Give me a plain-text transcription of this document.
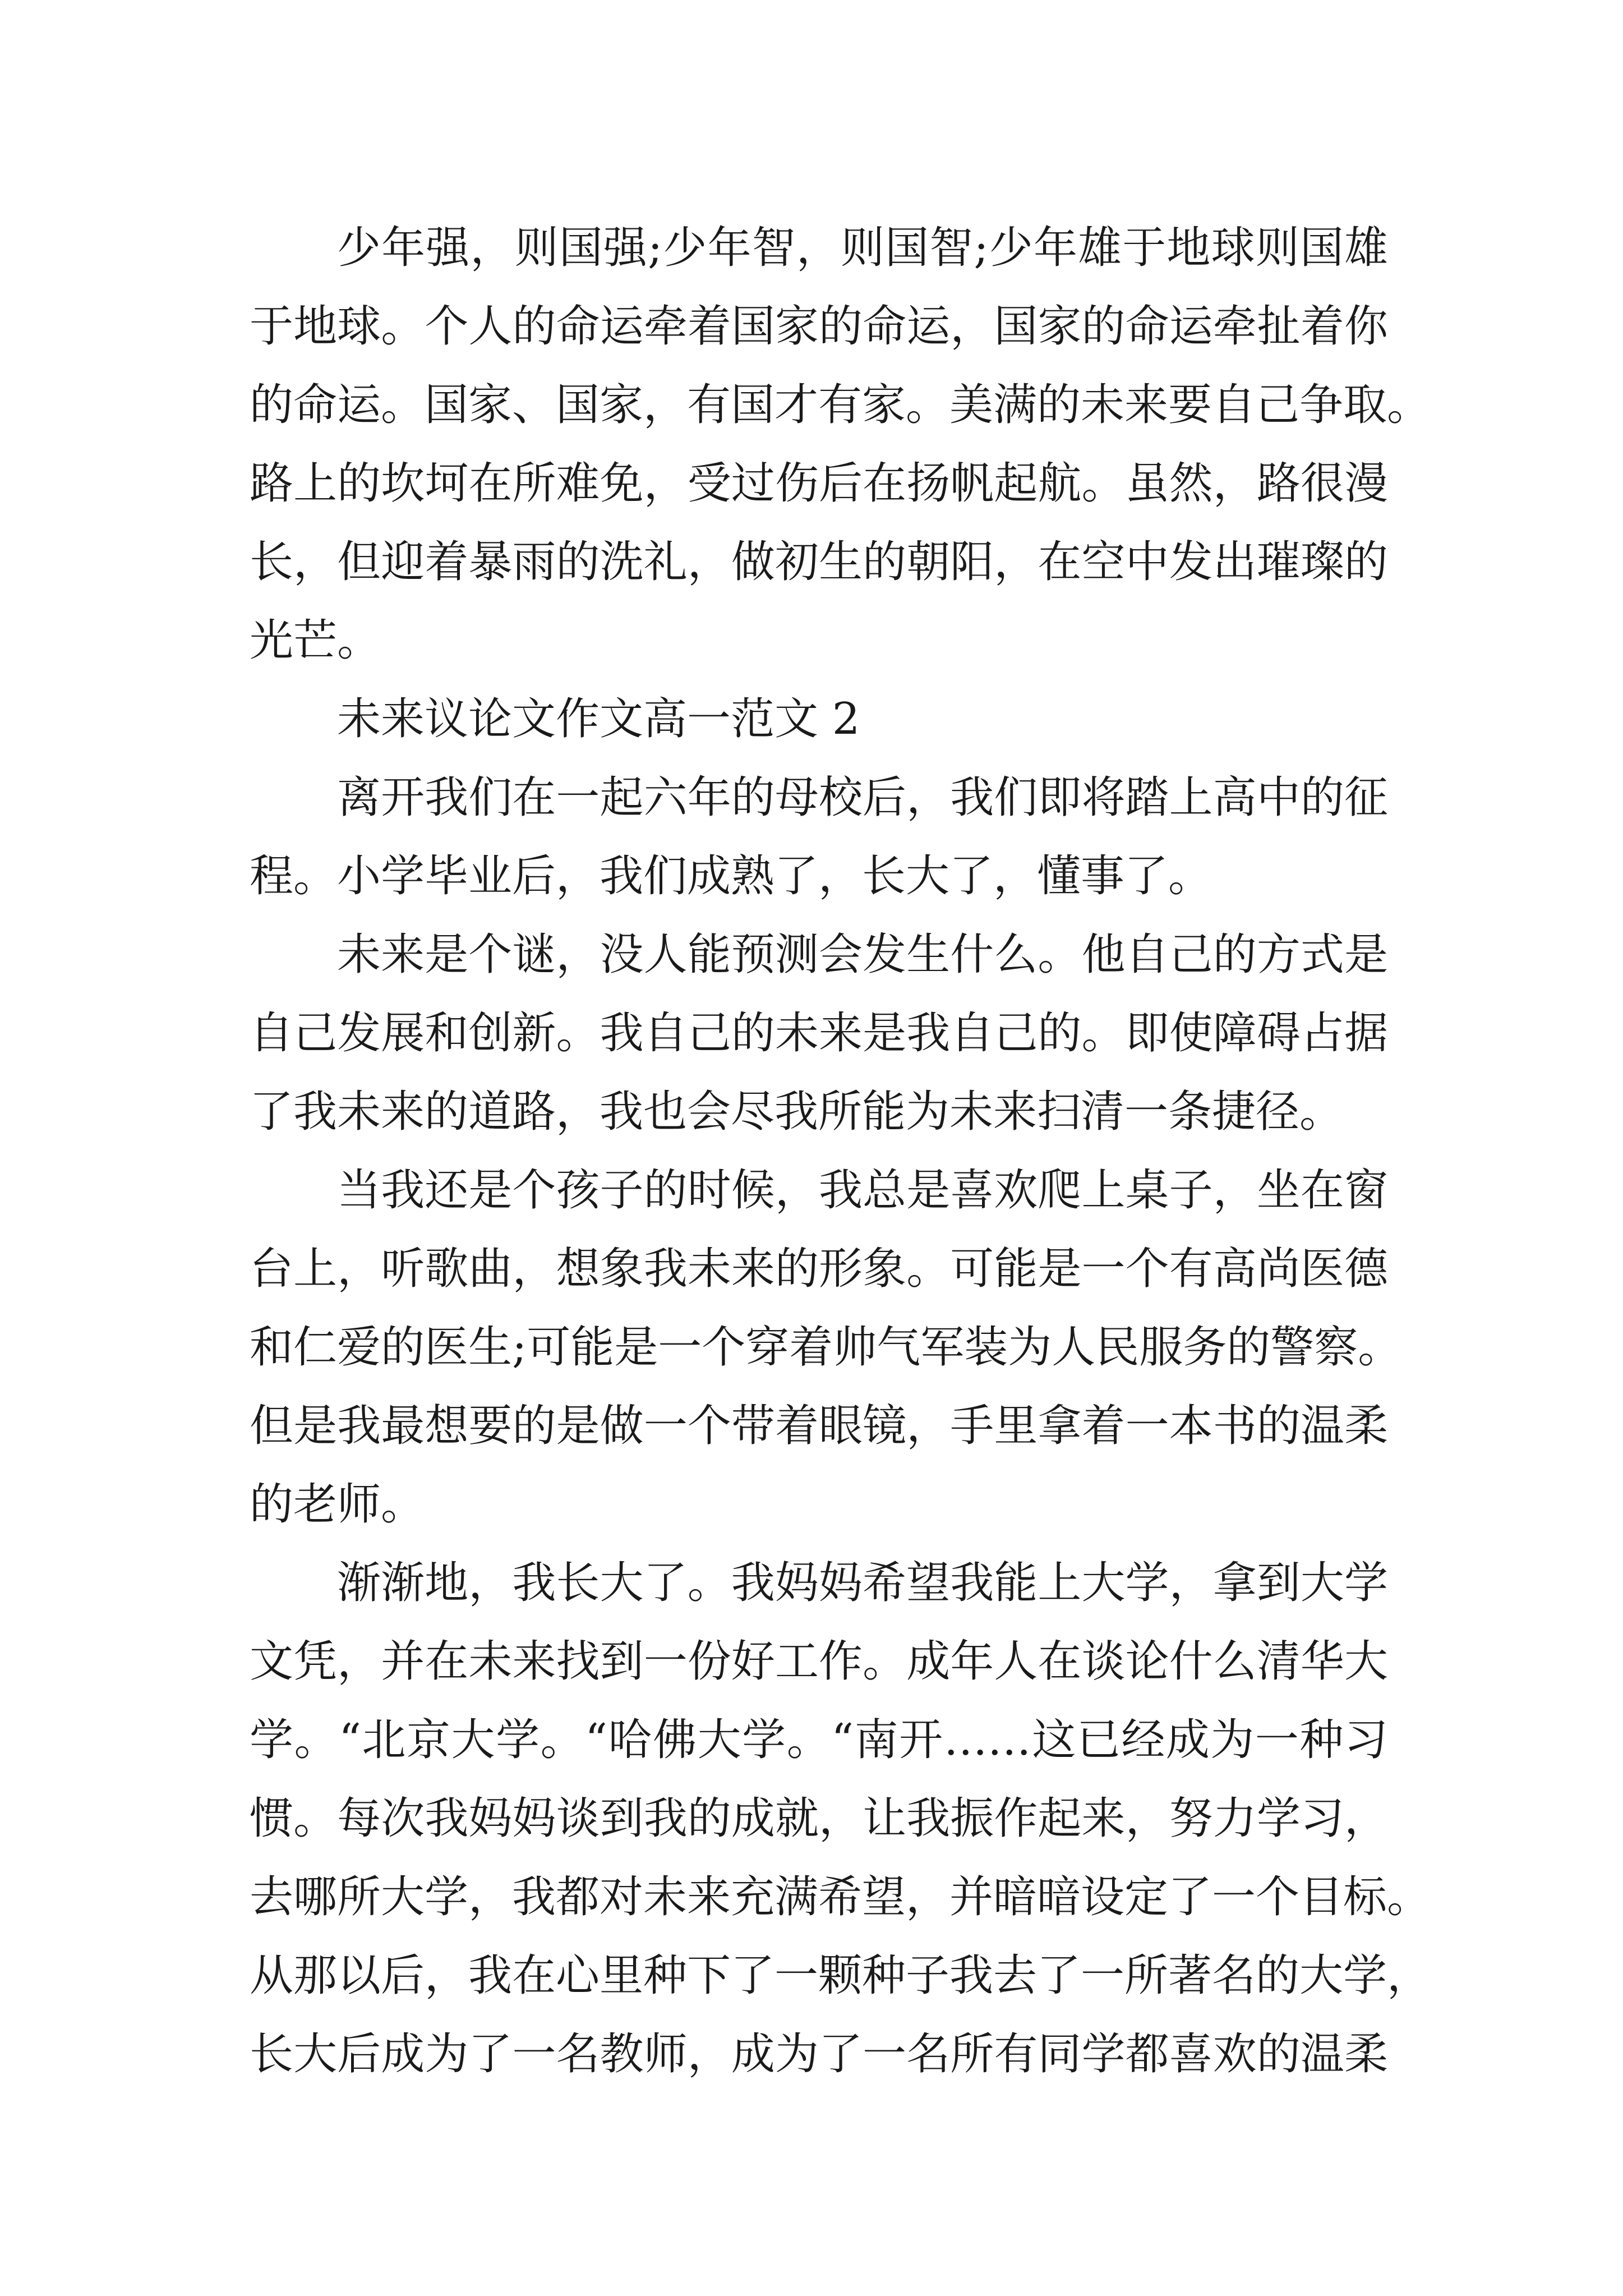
少年强，则国强;少年智，则国智;少年雄于地球则国雄
于地球。个人的命运牵着国家的命运，国家的命运牵扯着你
的命运。国家、国家，有国才有家。美满的未来要自己争取。
路上的坎坷在所难免，受过伤后在扬帆起航。虽然，路很漫
长，但迎着暴雨的洗礼，做初生的朝阳，在空中发出璀璨的
光芒。
未来议论文作文高一范文 2
离开我们在一起六年的母校后，我们即将踏上高中的征
程。小学毕业后，我们成熟了，长大了，懂事了。
未来是个谜，没人能预测会发生什么。他自己的方式是
自己发展和创新。我自己的未来是我自己的。即使障碍占据
了我未来的道路，我也会尽我所能为未来扫清一条捷径。
当我还是个孩子的时候，我总是喜欢爬上桌子，坐在窗
台上，听歌曲，想象我未来的形象。可能是一个有高尚医德
和仁爱的医生;可能是一个穿着帅气军装为人民服务的警察。
但是我最想要的是做一个带着眼镜，手里拿着一本书的温柔
的老师。
渐渐地，我长大了。我妈妈希望我能上大学，拿到大学
文凭，并在未来找到一份好工作。成年人在谈论什么清华大
学。“北京大学。“哈佛大学。“南开……这已经成为一种习
惯。每次我妈妈谈到我的成就，让我振作起来，努力学习，
去哪所大学，我都对未来充满希望，并暗暗设定了一个目标。
从那以后，我在心里种下了一颗种子我去了一所著名的大学，
长大后成为了一名教师，成为了一名所有同学都喜欢的温柔
